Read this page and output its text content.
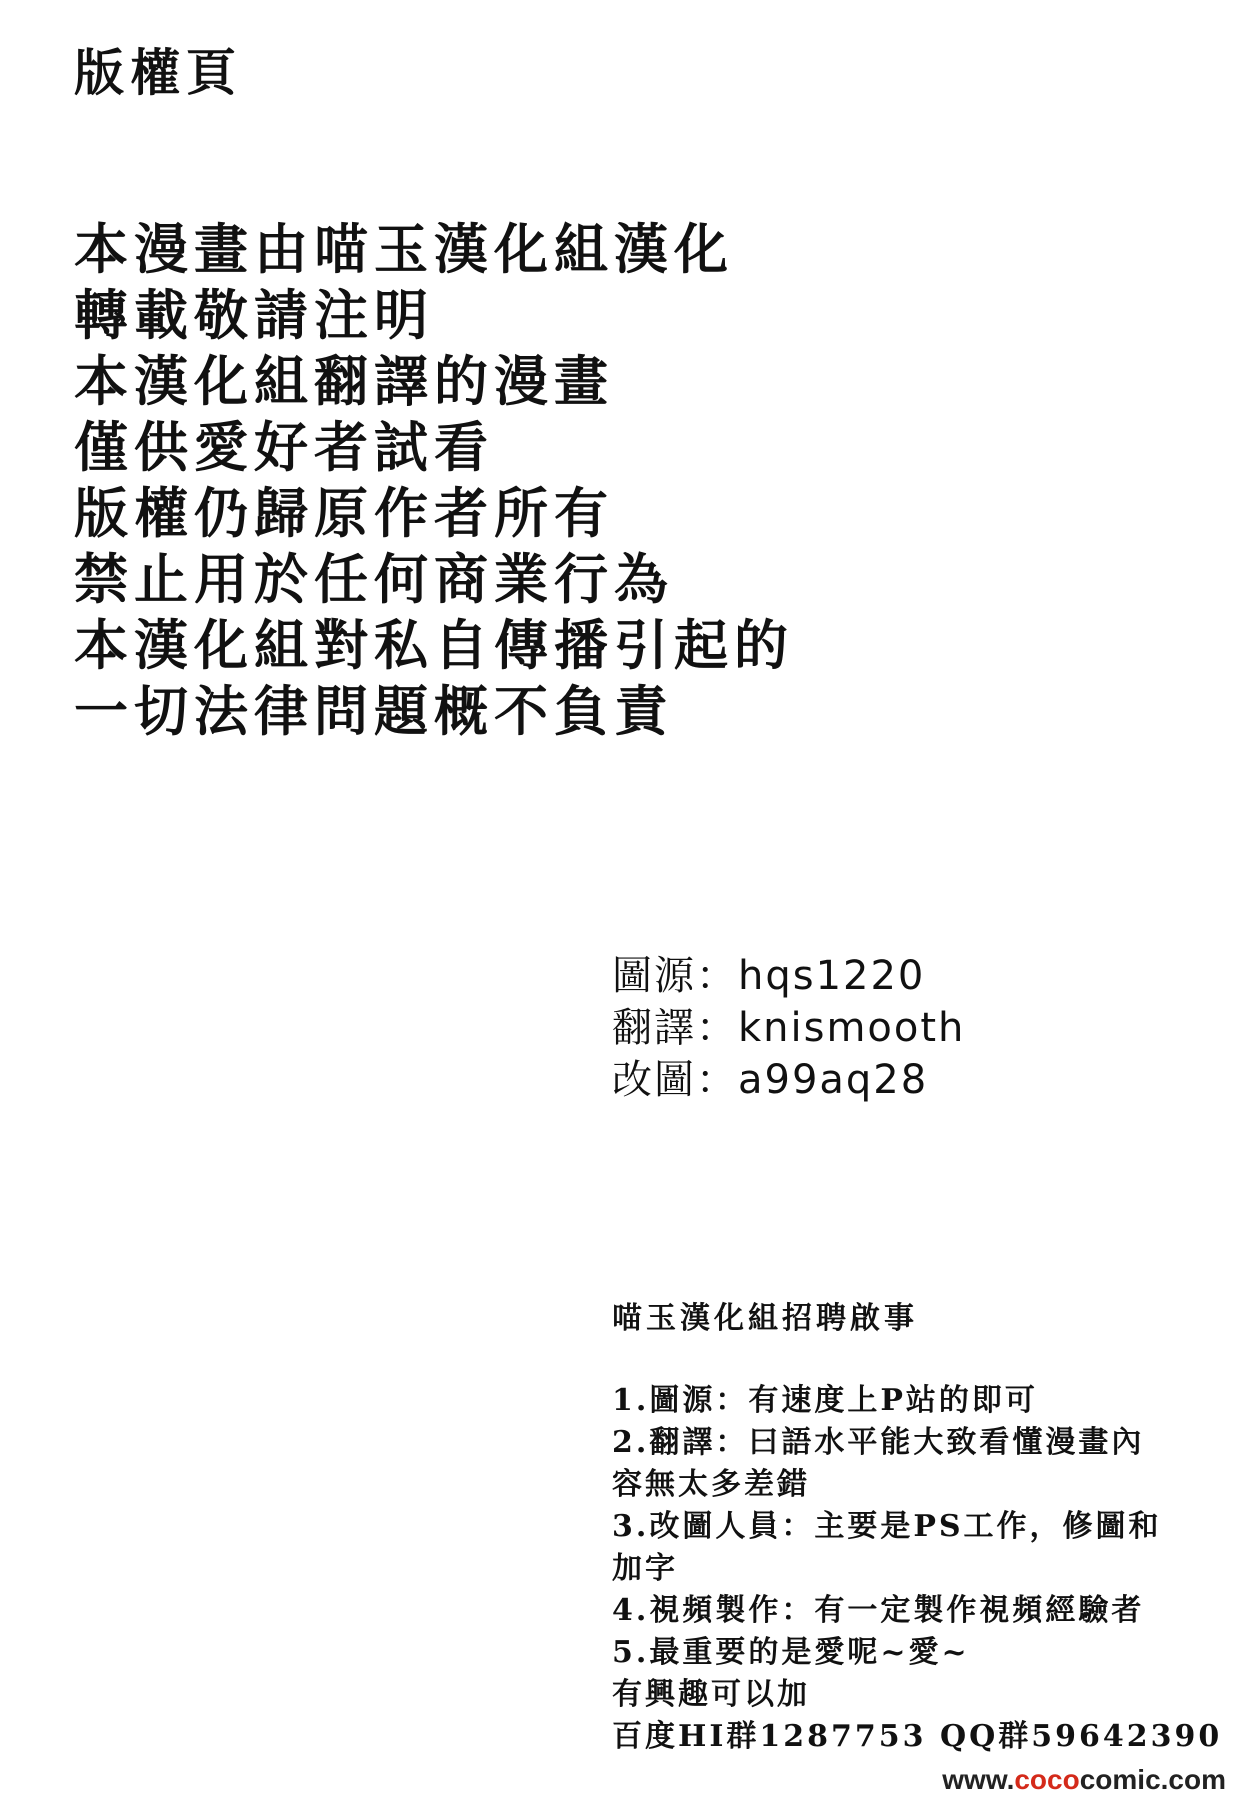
版權頁
本漫畫由喵玉漢化組漢化
轉載敬請注明
本漢化組翻譯的漫畫
僅供愛好者試看
版權仍歸原作者所有
禁止用於任何商業行為
本漢化組對私自傳播引起的
一切法律問題概不負責
圖源：hqs1220
翻譯：knismooth
改圖：a99aq28
喵玉漢化組招聘啟事
1.圖源：有速度上P站的即可
2.翻譯：曰語水平能大致看懂漫畫內
容無太多差錯
3.改圖人員：主要是PS工作，修圖和
加字
4.視頻製作：有一定製作視頻經驗者
5.最重要的是愛呢~愛~
有興趣可以加
百度HI群1287753 QQ群59642390
www.cococomic.com
